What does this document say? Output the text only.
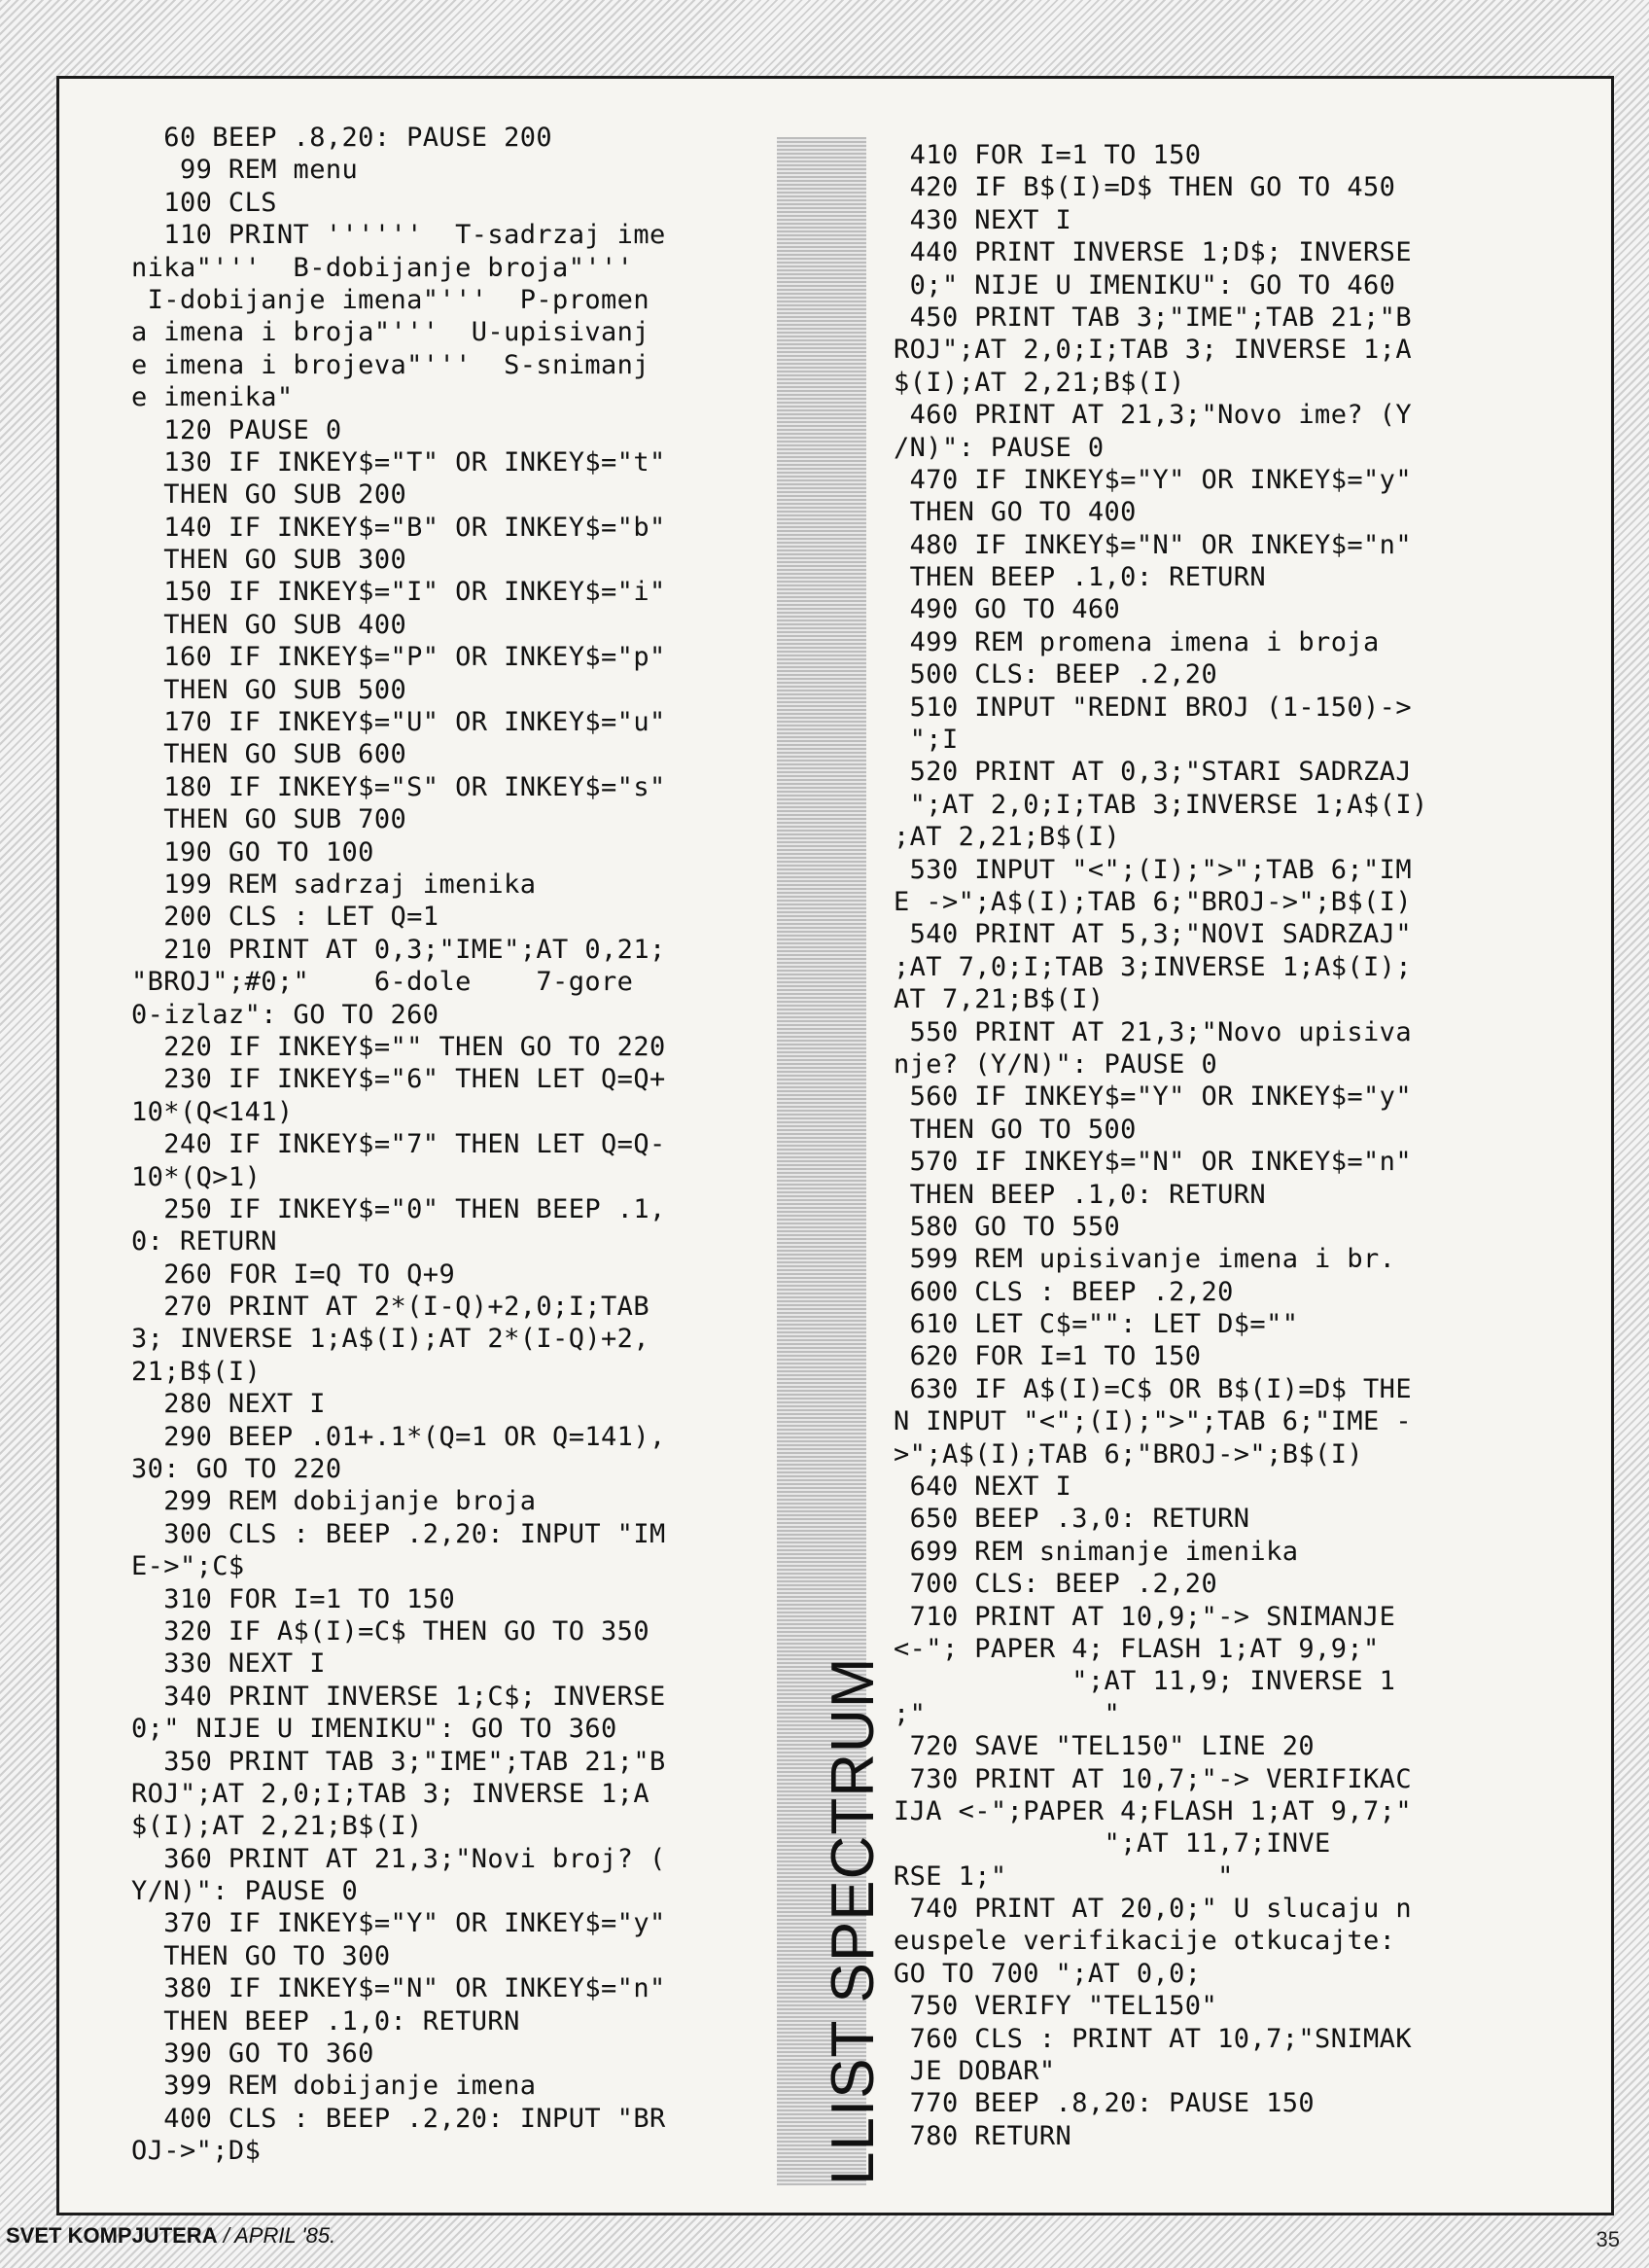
60 BEEP .8,20: PAUSE 200
99 REM menu
100 CLS
110 PRINT ''''''  T-sadrzaj ime
nika"'''  B-dobijanje broja"'''
I-dobijanje imena"'''  P-promen
a imena i broja"'''  U-upisivanj
e imena i brojeva"'''  S-snimanj
e imenika"
120 PAUSE 0
130 IF INKEY$="T" OR INKEY$="t"
THEN GO SUB 200
140 IF INKEY$="B" OR INKEY$="b"
THEN GO SUB 300
150 IF INKEY$="I" OR INKEY$="i"
THEN GO SUB 400
160 IF INKEY$="P" OR INKEY$="p"
THEN GO SUB 500
170 IF INKEY$="U" OR INKEY$="u"
THEN GO SUB 600
180 IF INKEY$="S" OR INKEY$="s"
THEN GO SUB 700
190 GO TO 100
199 REM sadrzaj imenika
200 CLS : LET Q=1
210 PRINT AT 0,3;"IME";AT 0,21;
"BROJ";#0;"    6-dole    7-gore
0-izlaz": GO TO 260
220 IF INKEY$="" THEN GO TO 220
230 IF INKEY$="6" THEN LET Q=Q+
10*(Q<141)
240 IF INKEY$="7" THEN LET Q=Q-
10*(Q>1)
250 IF INKEY$="0" THEN BEEP .1,
0: RETURN
260 FOR I=Q TO Q+9
270 PRINT AT 2*(I-Q)+2,0;I;TAB
3; INVERSE 1;A$(I);AT 2*(I-Q)+2,
21;B$(I)
280 NEXT I
290 BEEP .01+.1*(Q=1 OR Q=141),
30: GO TO 220
299 REM dobijanje broja
300 CLS : BEEP .2,20: INPUT "IM
E->";C$
310 FOR I=1 TO 150
320 IF A$(I)=C$ THEN GO TO 350
330 NEXT I
340 PRINT INVERSE 1;C$; INVERSE
0;" NIJE U IMENIKU": GO TO 360
350 PRINT TAB 3;"IME";TAB 21;"B
ROJ";AT 2,0;I;TAB 3; INVERSE 1;A
$(I);AT 2,21;B$(I)
360 PRINT AT 21,3;"Novi broj? (
Y/N)": PAUSE 0
370 IF INKEY$="Y" OR INKEY$="y"
THEN GO TO 300
380 IF INKEY$="N" OR INKEY$="n"
THEN BEEP .1,0: RETURN
390 GO TO 360
399 REM dobijanje imena
400 CLS : BEEP .2,20: INPUT "BR
OJ->";D$	LLIST SPECTRUM
410 FOR I=1 TO 150
420 IF B$(I)=D$ THEN GO TO 450
430 NEXT I
440 PRINT INVERSE 1;D$; INVERSE
0;" NIJE U IMENIKU": GO TO 460
450 PRINT TAB 3;"IME";TAB 21;"B
ROJ";AT 2,0;I;TAB 3; INVERSE 1;A
$(I);AT 2,21;B$(I)
460 PRINT AT 21,3;"Novo ime? (Y
/N)": PAUSE 0
470 IF INKEY$="Y" OR INKEY$="y"
THEN GO TO 400
480 IF INKEY$="N" OR INKEY$="n"
THEN BEEP .1,0: RETURN
490 GO TO 460
499 REM promena imena i broja
500 CLS: BEEP .2,20
510 INPUT "REDNI BROJ (1-150)->
";I
520 PRINT AT 0,3;"STARI SADRZAJ
";AT 2,0;I;TAB 3;INVERSE 1;A$(I)
;AT 2,21;B$(I)
530 INPUT "<";(I);">";TAB 6;"IM
E ->";A$(I);TAB 6;"BROJ->";B$(I)
540 PRINT AT 5,3;"NOVI SADRZAJ"
;AT 7,0;I;TAB 3;INVERSE 1;A$(I);
AT 7,21;B$(I)
550 PRINT AT 21,3;"Novo upisiva
nje? (Y/N)": PAUSE 0
560 IF INKEY$="Y" OR INKEY$="y"
THEN GO TO 500
570 IF INKEY$="N" OR INKEY$="n"
THEN BEEP .1,0: RETURN
580 GO TO 550
599 REM upisivanje imena i br.
600 CLS : BEEP .2,20
610 LET C$="": LET D$=""
620 FOR I=1 TO 150
630 IF A$(I)=C$ OR B$(I)=D$ THE
N INPUT "<";(I);">";TAB 6;"IME -
>";A$(I);TAB 6;"BROJ->";B$(I)
640 NEXT I
650 BEEP .3,0: RETURN
699 REM snimanje imenika
700 CLS: BEEP .2,20
710 PRINT AT 10,9;"-> SNIMANJE
<-"; PAPER 4; FLASH 1;AT 9,9;"
";AT 11,9; INVERSE 1
;"           "
720 SAVE "TEL150" LINE 20
730 PRINT AT 10,7;"-> VERIFIKAC
IJA <-";PAPER 4;FLASH 1;AT 9,7;"
";AT 11,7;INVE
RSE 1;"             "
740 PRINT AT 20,0;" U slucaju n
euspele verifikacije otkucajte:
GO TO 700 ";AT 0,0;
750 VERIFY "TEL150"
760 CLS : PRINT AT 10,7;"SNIMAK
JE DOBAR"
770 BEEP .8,20: PAUSE 150
780 RETURN
SVET KOMPJUTERA / APRIL '85.	35
